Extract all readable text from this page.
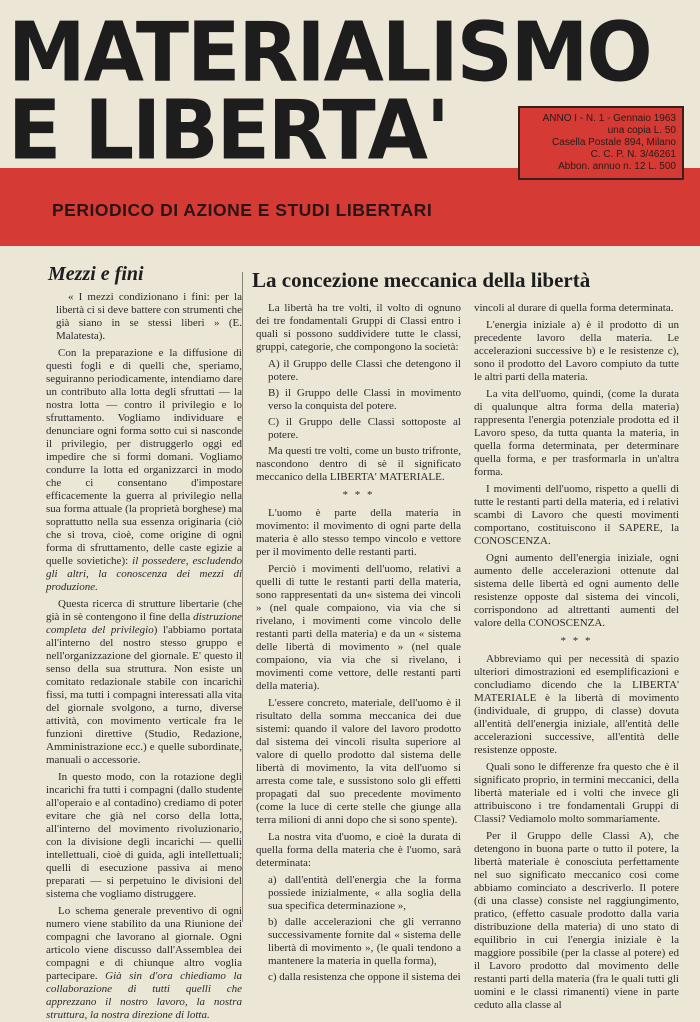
MATERIALISMO
E LIBERTA'	ANNO I - N. 1 - Gennaio 1963
una copia L. 50
Casella Postale 894, Milano
C. C. P. N. 3/46261
Abbon. annuo n. 12 L. 500
PERIODICO DI AZIONE E STUDI LIBERTARI
Mezzi e fini

« I mezzi condizionano i fini: per la libertà ci si deve battere con strumenti che già siano in se stessi liberi » (E. Malatesta).

Con la preparazione e la diffusione di questi fogli e di quelli che, speriamo, seguiranno periodicamente, intendiamo dare un contributo alla lotta degli sfruttati — la nostra lotta — contro il privilegio e lo sfruttamento. Vogliamo individuare e denunciare ogni forma sotto cui si nasconde il privilegio, per distruggerlo oggi ed impedire che si formi domani. Vogliamo condurre la lotta ed organizzarci in modo che ci consentano d'impostare efficacemente la guerra al privilegio nella sua forma attuale (la proprietà borghese) ma soprattutto nella sua essenza originaria (ciò che si trova, cioè, come origine di ogni forma di sfruttamento, delle caste egizie a quelle sovietiche): il possedere, escludendo gli altri, la conoscenza dei mezzi di produzione.

Questa ricerca di strutture libertarie (che già in sè contengono il fine della distruzione completa del privilegio) l'abbiamo portata all'interno del nostro stesso gruppo e nell'organizzazione del giornale. E' questo il senso della sua struttura. Non esiste un comitato redazionale stabile con incarichi fissi, ma tutti i compagni interessati alla vita del giornale svolgono, a turno, diverse attività, con movimento verticale fra le funzioni direttive (Studio, Redazione, Amministrazione ecc.) e quelle subordinate, manuali o accessorie.

In questo modo, con la rotazione degli incarichi fra tutti i compagni (dallo studente all'operaio e al contadino) crediamo di poter evitare che già nel corso della lotta, all'interno del movimento rivoluzionario, con la divisione degli incarichi — quelli intellettuali, cioè di guida, agli intellettuali; quelli di esecuzione passiva ai meno preparati — si perpetuino le divisioni del sistema che vogliamo distruggere.

Lo schema generale preventivo di ogni numero viene stabilito da una Riunione dei compagni che lavorano al giornale. Ogni articolo viene discusso dall'Assemblea dei compagni e di chiunque altro voglia partecipare. Già sin d'ora chiediamo la collaborazione di tutti quelli che apprezzano il nostro lavoro, la nostra struttura, la nostra direzione di lotta.

La concezione meccanica della libertà

La libertà ha tre volti, il volto di ognuno dei tre fondamentali Gruppi di Classi entro i quali si possono suddividere tutte le classi, gruppi, categorie, che compongono la società:

A) il Gruppo delle Classi che detengono il potere.

B) il Gruppo delle Classi in movimento verso la conquista del potere.

C) il Gruppo delle Classi sottoposte al potere.

Ma questi tre volti, come un busto trifronte, nascondono dentro di sè il significato meccanico della LIBERTA' MATERIALE.

* * *

L'uomo è parte della materia in movimento: il movimento di ogni parte della materia è allo stesso tempo vincolo e vettore per il movimento delle restanti parti.

Perciò i movimenti dell'uomo, relativi a quelli di tutte le restanti parti della materia, sono rappresentati da un« sistema dei vincoli » (nel quale compaiono, via via che si rivelano, i movimenti come vincolo delle restanti parti della materia) e da un « sistema delle libertà di movimento » (nel quale compaiono, via via che si rivelano, i movimenti come vettore, delle restanti parti della materia).

L'essere concreto, materiale, dell'uomo è il risultato della somma meccanica dei due sistemi: quando il valore del lavoro prodotto dal sistema dei vincoli risulta superiore al valore di quello prodotto dal sistema delle libertà di movimento, la vita dell'uomo si arresta come tale, e sussistono solo gli effetti propagati dal suo precedente movimento (come la luce di certe stelle che giunge alla terra milioni di anni dopo che si sono spente).

La nostra vita d'uomo, e cioè la durata di quella forma della materia che è l'uomo, sarà determinata:

a) dall'entità dell'energia che la forma possiede inizialmente, « alla soglia della sua specifica determinazione »,

b) dalle accelerazioni che gli verranno successivamente fornite dal « sistema delle libertà di movimento », (le quali tendono a mantenere la materia in quella forma),

c) dalla resistenza che oppone il sistema dei

vincoli al durare di quella forma determinata.

L'energia iniziale a) è il prodotto di un precedente lavoro della materia. Le accelerazioni successive b) e le resistenze c), sono il prodotto del Lavoro compiuto da tutte le altri parti della materia.

La vita dell'uomo, quindi, (come la durata di qualunque altra forma della materia) rappresenta l'energia potenziale prodotta ed il Lavoro speso, da tutta quanta la materia, in quella forma determinata, per determinare quella forma, e per trasformarla in un'altra forma.

I movimenti dell'uomo, rispetto a quelli di tutte le restanti parti della materia, ed i relativi scambi di Lavoro che questi movimenti comportano, costituiscono il SAPERE, la CONOSCENZA.

Ogni aumento dell'energia iniziale, ogni aumento delle accelerazioni ottenute dal sistema delle libertà ed ogni aumento delle resistenze opposte dal sistema dei vincoli, corrispondono ad altrettanti aumenti del valore della CONOSCENZA.

* * *

Abbreviamo qui per necessità di spazio ulteriori dimostrazioni ed esemplificazioni e concludiamo dicendo che la LIBERTA' MATERIALE è la libertà di movimento (individuale, di gruppo, di classe) dovuta all'entità dell'energia iniziale, all'entità delle accelerazioni successive, all'entità delle resistenze opposte.

Quali sono le differenze fra questo che è il significato proprio, in termini meccanici, della libertà materiale ed i volti che invece gli attribuiscono i tre fondamentali Gruppi di Classi? Vediamolo molto sommariamente.

Per il Gruppo delle Classi A), che detengono in buona parte o tutto il potere, la libertà materiale è conosciuta perfettamente nel suo significato meccanico così come abbiamo cominciato a descriverlo. Il potere (di una classe) consiste nel raggiungimento, pratico, (effetto casuale prodotto dalla varia distribuzione della materia) di uno stato di equilibrio in cui l'energia iniziale è la maggiore possibile (per la classe al potere) ed il Lavoro prodotto dal movimento delle restanti parti della materia (fra le quali tutti gli uomini e le classi rimanenti) viene in parte ceduto alla classe al
